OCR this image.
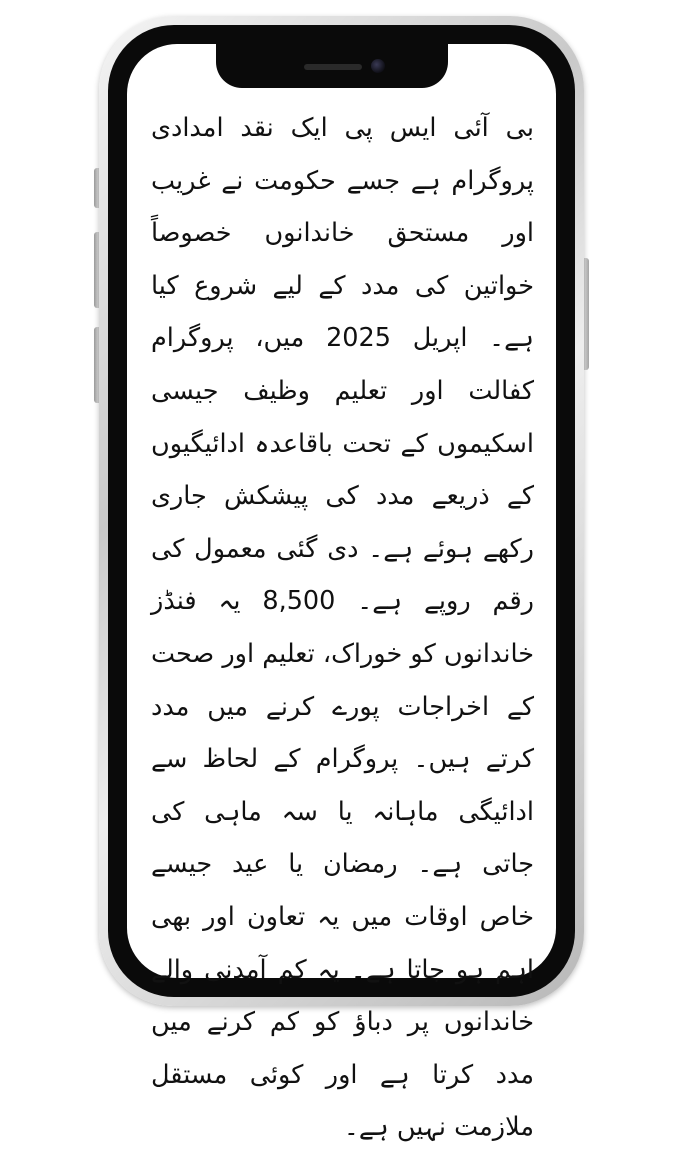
بی آئی ایس پی ایک نقد امدادی پروگرام ہے جسے حکومت نے غریب اور مستحق خاندانوں خصوصاً خواتین کی مدد کے لیے شروع کیا ہے۔ اپریل 2025 میں، پروگرام کفالت اور تعلیم وظیف جیسی اسکیموں کے تحت باقاعدہ ادائیگیوں کے ذریعے مدد کی پیشکش جاری رکھے ہوئے ہے۔ دی گئی معمول کی رقم روپے ہے۔ 8,500 یہ فنڈز خاندانوں کو خوراک، تعلیم اور صحت کے اخراجات پورے کرنے میں مدد کرتے ہیں۔ پروگرام کے لحاظ سے ادائیگی ماہانہ یا سہ ماہی کی جاتی ہے۔ رمضان یا عید جیسے خاص اوقات میں یہ تعاون اور بھی اہم ہو جاتا ہے۔ یہ کم آمدنی والے خاندانوں پر دباؤ کو کم کرنے میں مدد کرتا ہے اور کوئی مستقل ملازمت نہیں ہے۔
